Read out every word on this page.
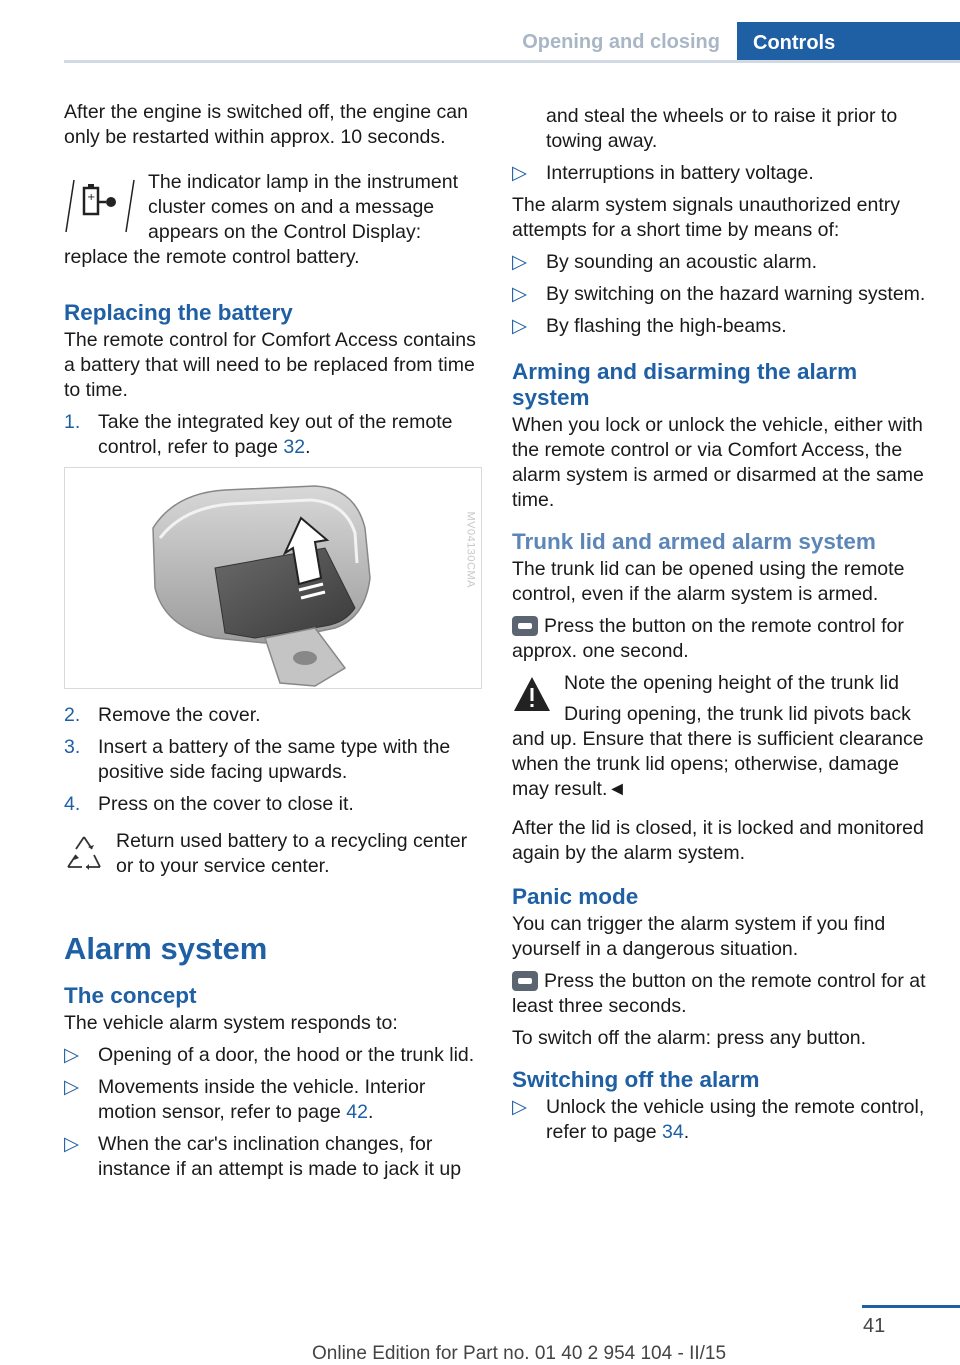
Opening and closing	Controls

After the engine is switched off, the engine can only be restarted within approx. 10 seconds.

+
The indicator lamp in the instrument cluster comes on and a message appears on the Control Display: replace the remote control battery.
Replacing the battery

The remote control for Comfort Access contains a battery that will need to be replaced from time to time.

1. Take the integrated key out of the remote control, refer to page 32.
MV04130CMA
2. Remove the cover.
3. Insert a battery of the same type with the positive side facing upwards.
4. Press on the cover to close it.
Return used battery to a recycling center or to your service center.
Alarm system
The concept

The vehicle alarm system responds to:

▷ Opening of a door, the hood or the trunk lid.
▷ Movements inside the vehicle. Interior motion sensor, refer to page 42.
▷ When the car's inclination changes, for instance if an attempt is made to jack it up

and steal the wheels or to raise it prior to towing away.

▷ Interruptions in battery voltage.

The alarm system signals unauthorized entry attempts for a short time by means of:

▷ By sounding an acoustic alarm.
▷ By switching on the hazard warning system.
▷ By flashing the high-beams.
Arming and disarming the alarm system

When you lock or unlock the vehicle, either with the remote control or via Comfort Access, the alarm system is armed or disarmed at the same time.

Trunk lid and armed alarm system

The trunk lid can be opened using the remote control, even if the alarm system is armed.

Press the button on the remote control for approx. one second.

Note the opening height of the trunk lid
During opening, the trunk lid pivots back and up. Ensure that there is sufficient clearance when the trunk lid opens; otherwise, damage may result.◄

After the lid is closed, it is locked and monitored again by the alarm system.

Panic mode

You can trigger the alarm system if you find yourself in a dangerous situation.

Press the button on the remote control for at least three seconds.

To switch off the alarm: press any button.

Switching off the alarm
▷ Unlock the vehicle using the remote control, refer to page 34.
41
Online Edition for Part no. 01 40 2 954 104 - II/15
